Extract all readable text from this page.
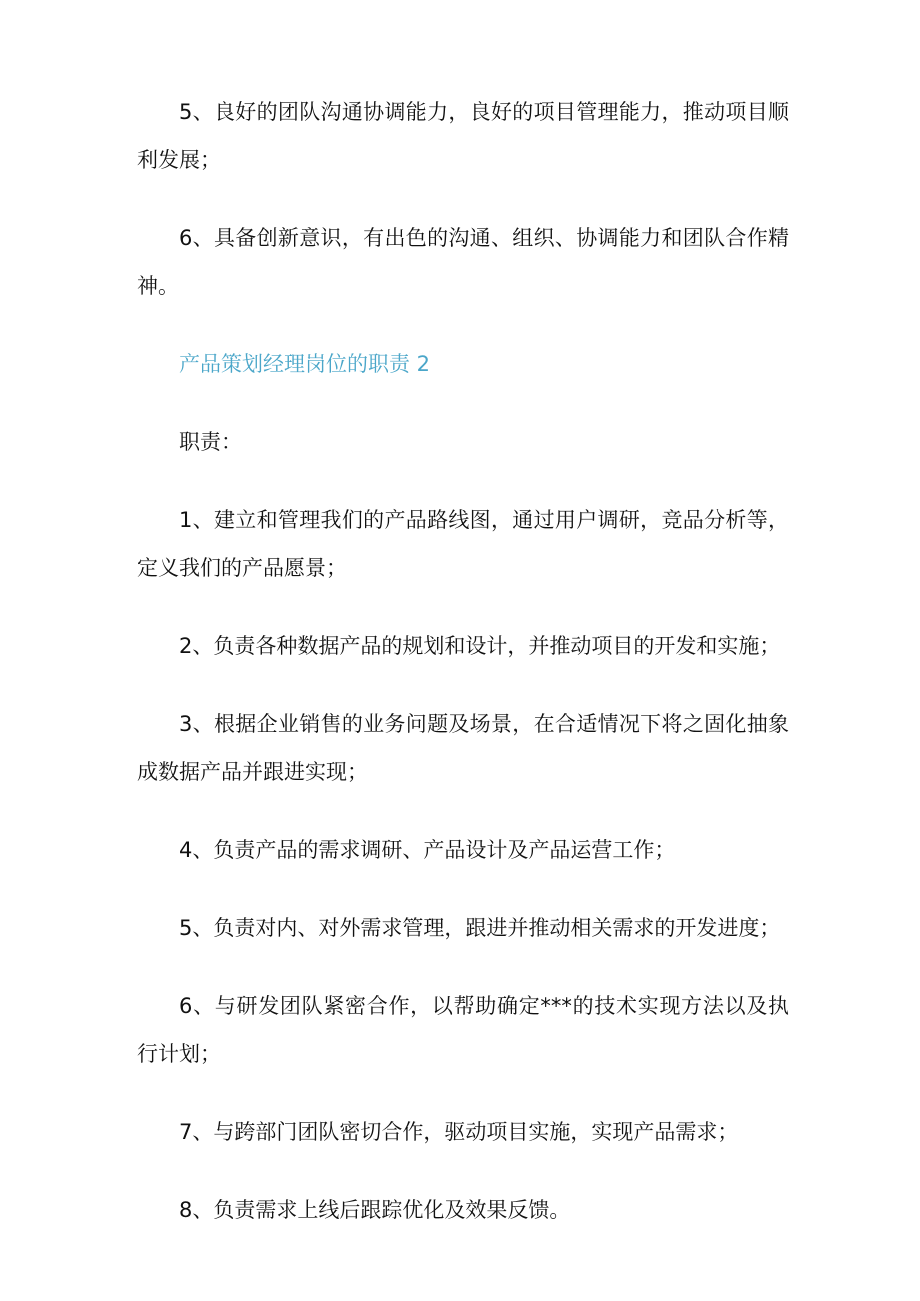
5、良好的团队沟通协调能力，良好的项目管理能力，推动项目顺利发展；

6、具备创新意识，有出色的沟通、组织、协调能力和团队合作精神。

产品策划经理岗位的职责 2

职责：

1、建立和管理我们的产品路线图，通过用户调研，竞品分析等，定义我们的产品愿景；

2、负责各种数据产品的规划和设计，并推动项目的开发和实施；

3、根据企业销售的业务问题及场景，在合适情况下将之固化抽象成数据产品并跟进实现；

4、负责产品的需求调研、产品设计及产品运营工作；

5、负责对内、对外需求管理，跟进并推动相关需求的开发进度；

6、与研发团队紧密合作，以帮助确定***的技术实现方法以及执行计划；

7、与跨部门团队密切合作，驱动项目实施，实现产品需求；

8、负责需求上线后跟踪优化及效果反馈。
